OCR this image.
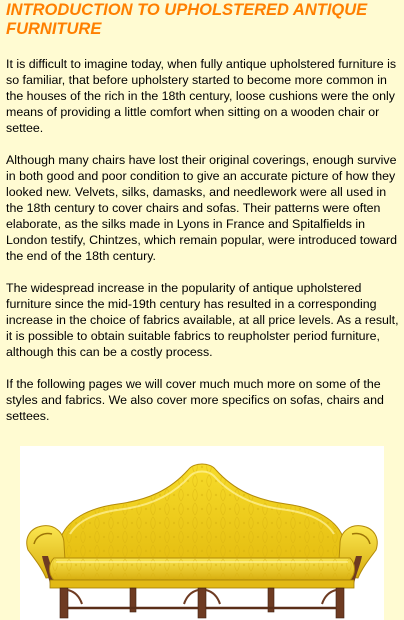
INTRODUCTION TO UPHOLSTERED ANTIQUE FURNITURE

It is difficult to imagine today, when fully antique upholstered furniture is so familiar, that before upholstery started to become more common in the houses of the rich in the 18th century, loose cushions were the only means of providing a little comfort when sitting on a wooden chair or settee.

Although many chairs have lost their original coverings, enough survive in both good and poor condition to give an accurate picture of how they looked new. Velvets, silks, damasks, and needlework were all used in the 18th century to cover chairs and sofas. Their patterns were often elaborate, as the silks made in Lyons in France and Spitalfields in London testify, Chintzes, which remain popular, were introduced toward the end of the 18th century.

The widespread increase in the popularity of antique upholstered furniture since the mid-19th century has resulted in a corresponding increase in the choice of fabrics available, at all price levels. As a result, it is possible to obtain suitable fabrics to reupholster period furniture, although this can be a costly process.

If the following pages we will cover much much more on some of the styles and fabrics. We also cover more specifics on sofas, chairs and settees.
